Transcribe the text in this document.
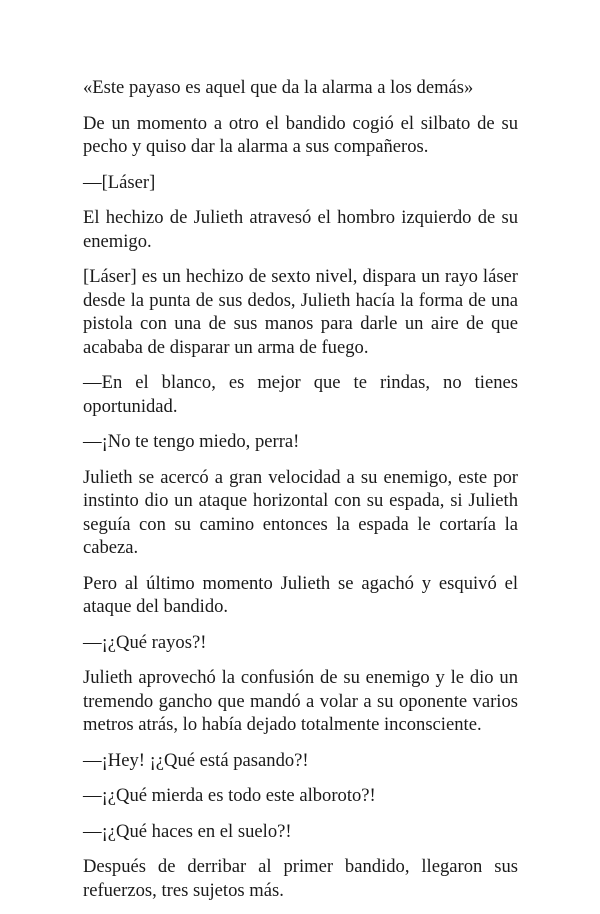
«Este payaso es aquel que da la alarma a los demás»

De un momento a otro el bandido cogió el silbato de su pecho y quiso dar la alarma a sus compañeros.

—[Láser]

El hechizo de Julieth atravesó el hombro izquierdo de su enemigo.

[Láser] es un hechizo de sexto nivel, dispara un rayo láser desde la punta de sus dedos, Julieth hacía la forma de una pistola con una de sus manos para darle un aire de que acababa de disparar un arma de fuego.

—En el blanco, es mejor que te rindas, no tienes oportunidad.

—¡No te tengo miedo, perra!

Julieth se acercó a gran velocidad a su enemigo, este por instinto dio un ataque horizontal con su espada, si Julieth seguía con su camino entonces la espada le cortaría la cabeza.

Pero al último momento Julieth se agachó y esquivó el ataque del bandido.

—¡¿Qué rayos?!

Julieth aprovechó la confusión de su enemigo y le dio un tremendo gancho que mandó a volar a su oponente varios metros atrás, lo había dejado totalmente inconsciente.

—¡Hey! ¡¿Qué está pasando?!

—¡¿Qué mierda es todo este alboroto?!

—¡¿Qué haces en el suelo?!

Después de derribar al primer bandido, llegaron sus refuerzos, tres sujetos más.
